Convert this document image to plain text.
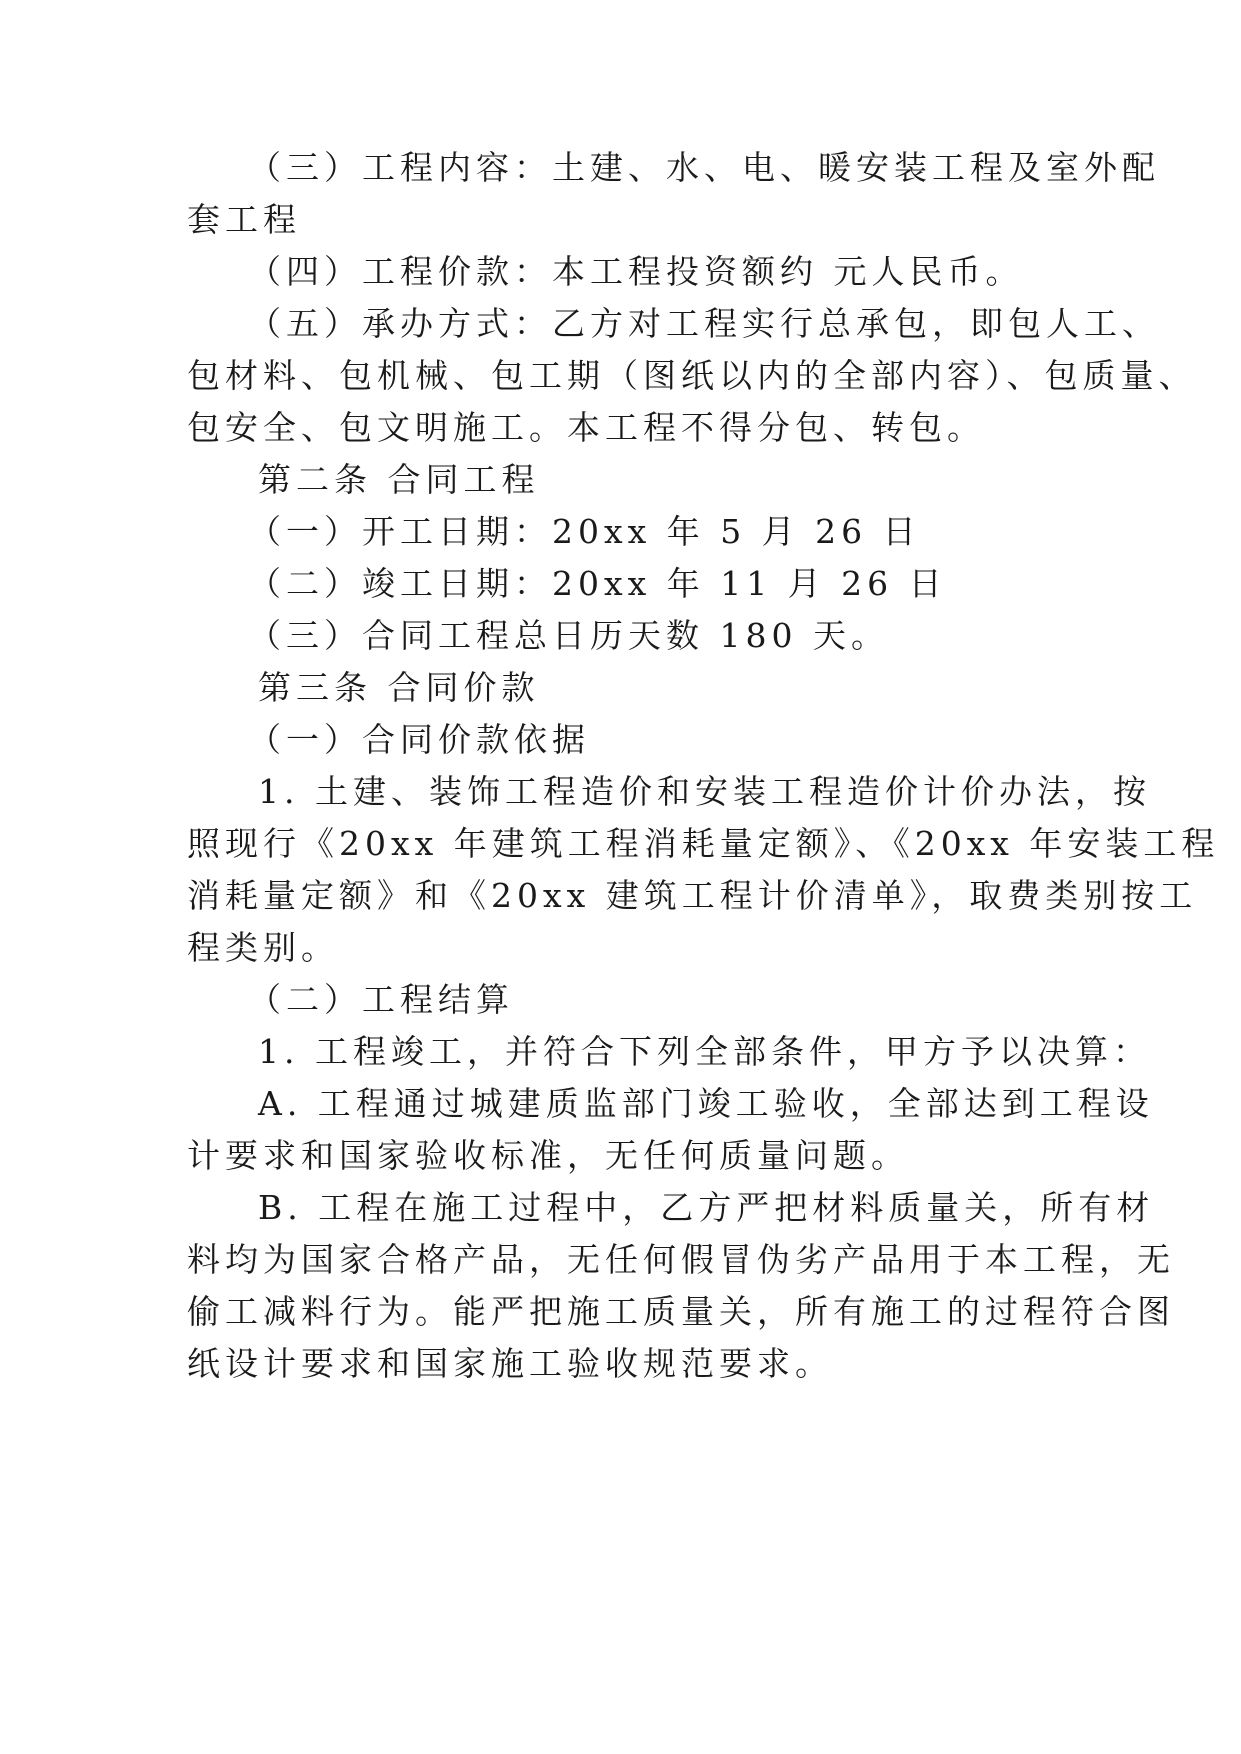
（三）工程内容：土建、水、电、暖安装工程及室外配
套工程
（四）工程价款：本工程投资额约 元人民币。
（五）承办方式：乙方对工程实行总承包，即包人工、
包材料、包机械、包工期（图纸以内的全部内容）、包质量、
包安全、包文明施工。本工程不得分包、转包。
第二条 合同工程
（一）开工日期：20xx 年 5 月 26 日
（二）竣工日期：20xx 年 11 月 26 日
（三）合同工程总日历天数 180 天。
第三条 合同价款
（一）合同价款依据
1. 土建、装饰工程造价和安装工程造价计价办法，按
照现行《20xx 年建筑工程消耗量定额》、《20xx 年安装工程
消耗量定额》和《20xx 建筑工程计价清单》，取费类别按工
程类别。
（二）工程结算
1. 工程竣工，并符合下列全部条件，甲方予以决算：
A. 工程通过城建质监部门竣工验收，全部达到工程设
计要求和国家验收标准，无任何质量问题。
B. 工程在施工过程中，乙方严把材料质量关，所有材
料均为国家合格产品，无任何假冒伪劣产品用于本工程，无
偷工减料行为。能严把施工质量关，所有施工的过程符合图
纸设计要求和国家施工验收规范要求。
